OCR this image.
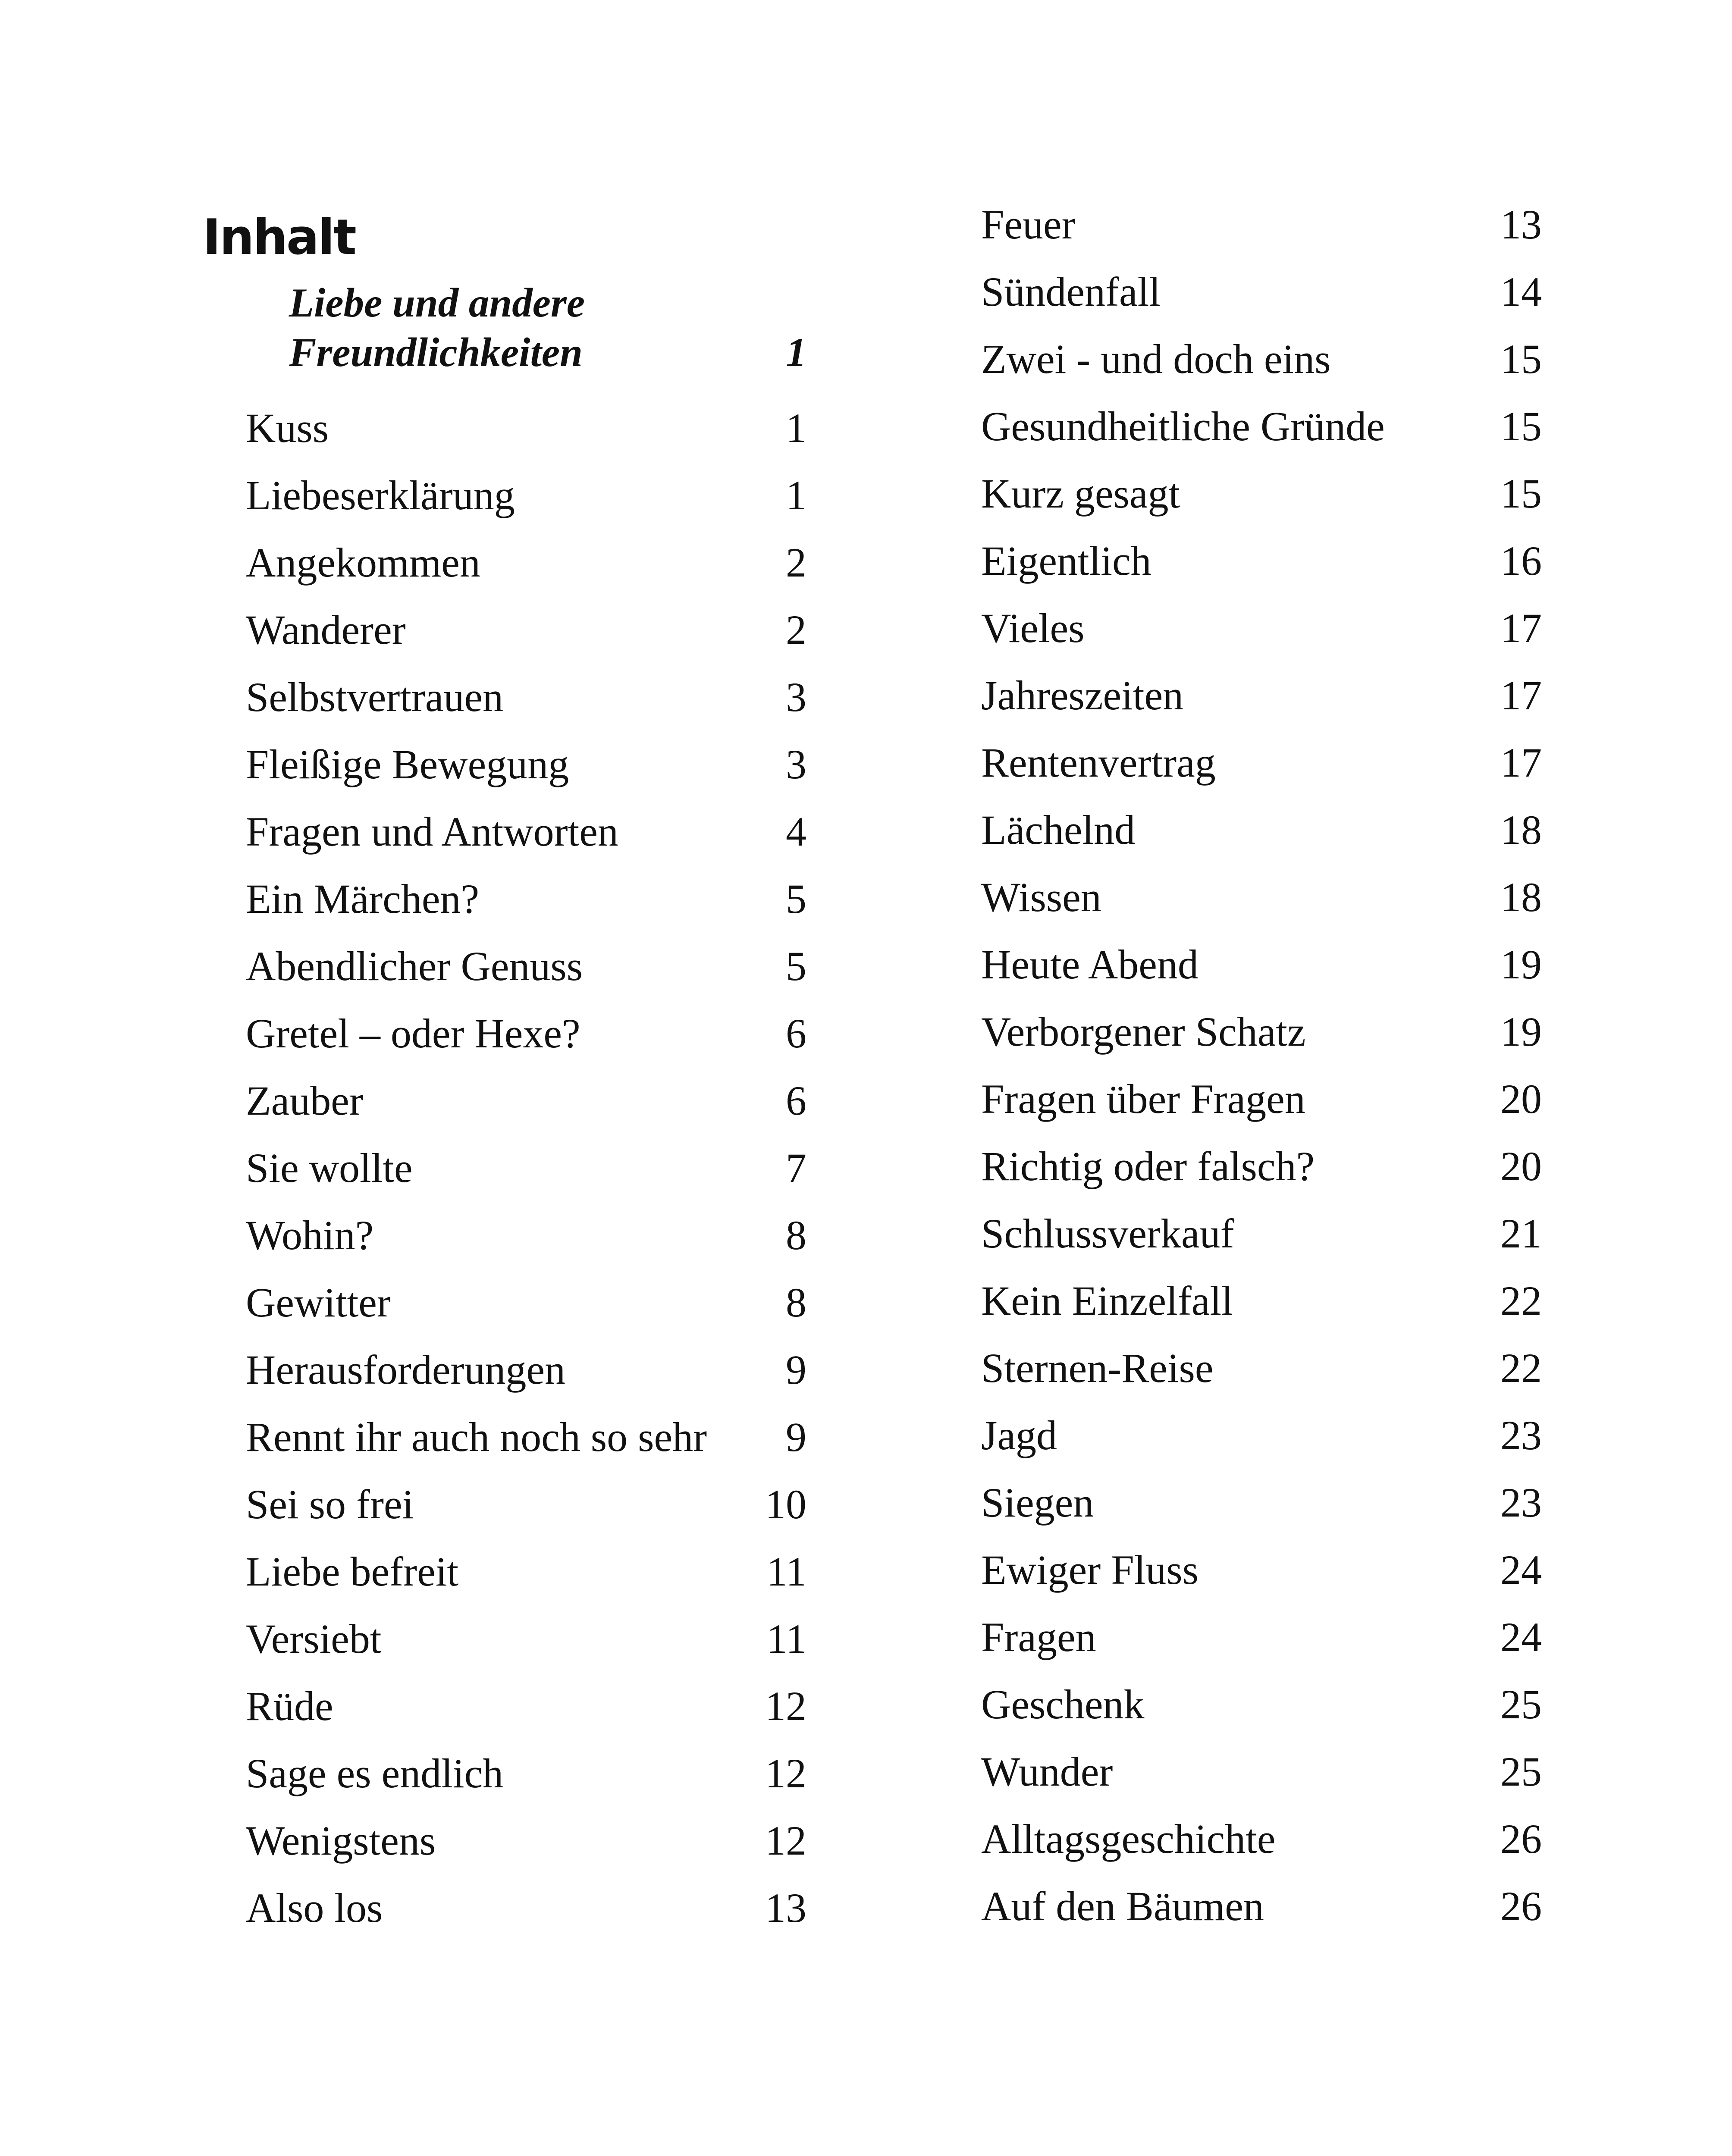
Inhalt
Liebe und andere
Freundlichkeiten	1
Kuss	1
Liebeserklärung	1
Angekommen	2
Wanderer	2
Selbstvertrauen	3
Fleißige Bewegung	3
Fragen und Antworten	4
Ein Märchen?	5
Abendlicher Genuss	5
Gretel – oder Hexe?	6
Zauber	6
Sie wollte	7
Wohin?	8
Gewitter	8
Herausforderungen	9
Rennt ihr auch noch so sehr 9
Sei so frei	10
Liebe befreit	11
Versiebt	11
Rüde	12
Sage es endlich	12
Wenigstens	12
Also los	13
Feuer	13
Sündenfall	14
Zwei - und doch eins	15
Gesundheitliche Gründe	15
Kurz gesagt	15
Eigentlich	16
Vieles	17
Jahreszeiten	17
Rentenvertrag	17
Lächelnd	18
Wissen	18
Heute Abend	19
Verborgener Schatz	19
Fragen über Fragen	20
Richtig oder falsch?	20
Schlussverkauf	21
Kein Einzelfall	22
Sternen-Reise	22
Jagd	23
Siegen	23
Ewiger Fluss	24
Fragen	24
Geschenk	25
Wunder	25
Alltagsgeschichte	26
Auf den Bäumen	26
